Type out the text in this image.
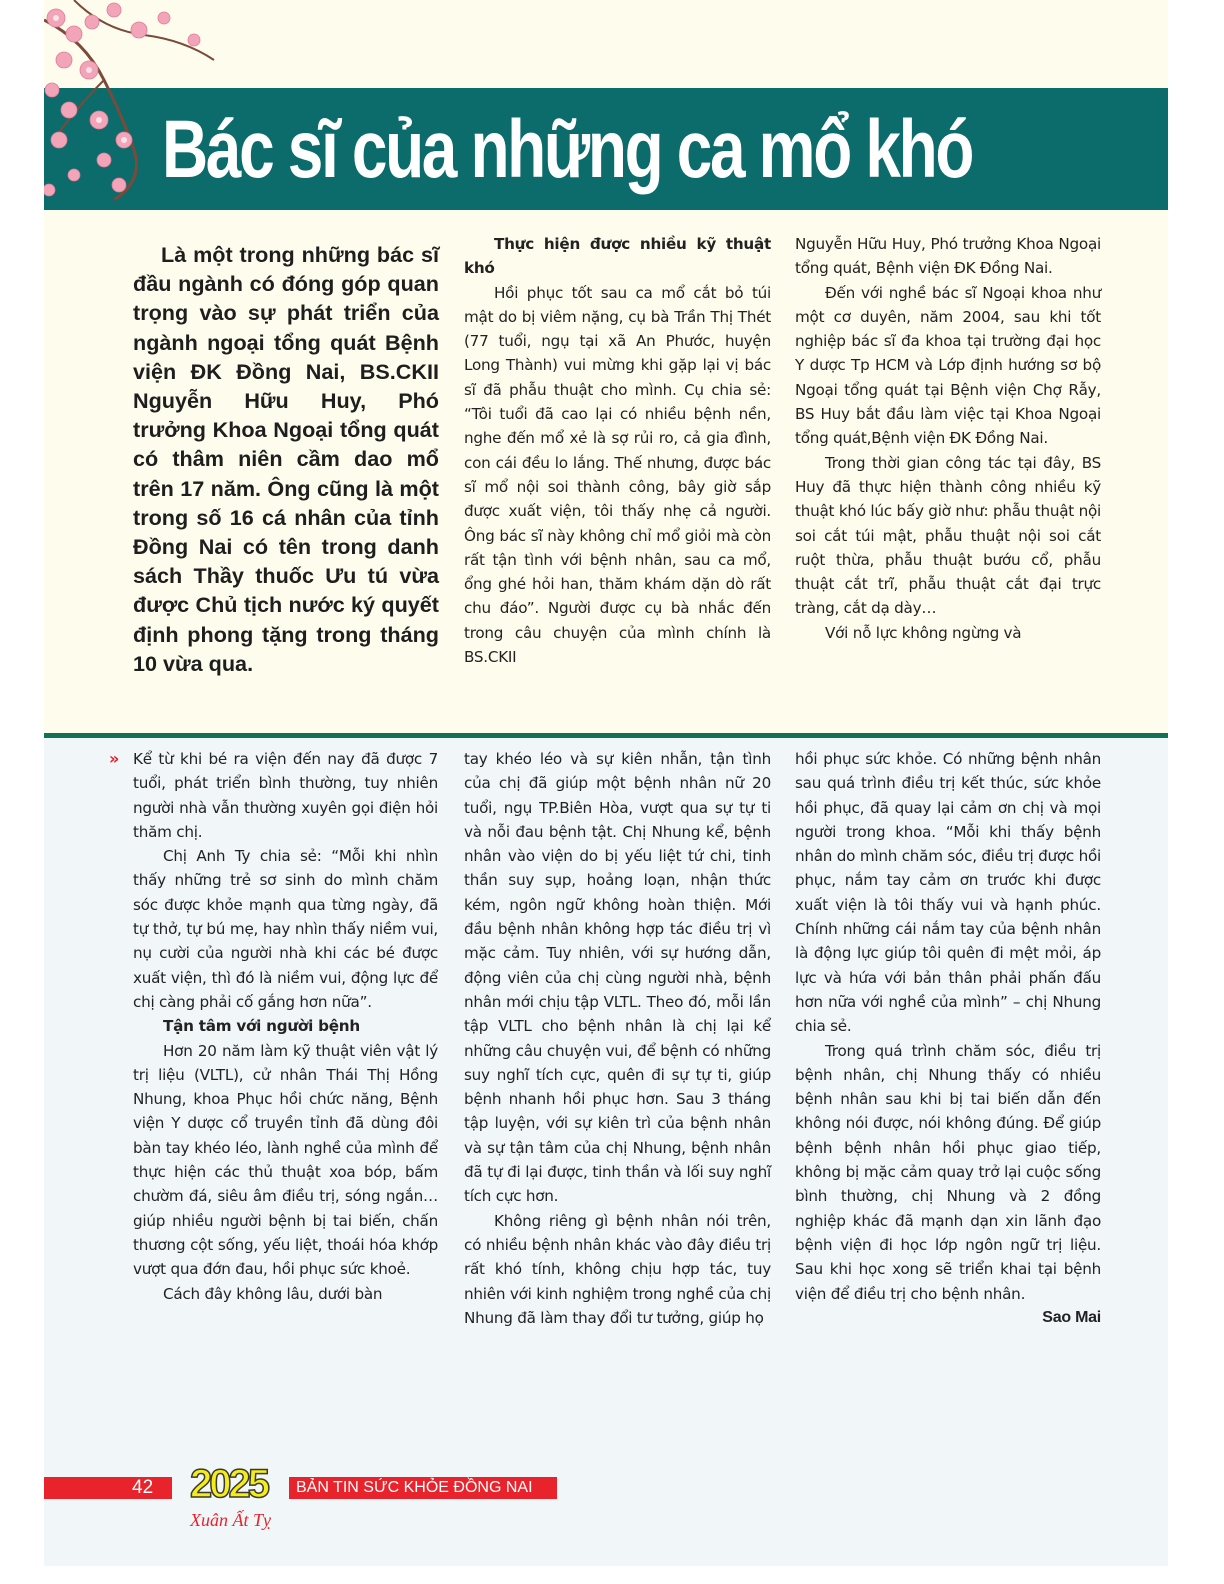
Bác sĩ của những ca mổ khó

Là một trong những bác sĩ đầu ngành có đóng góp quan trọng vào sự phát triển của ngành ngoại tổng quát Bệnh viện ĐK Đồng Nai, BS.CKII Nguyễn Hữu Huy, Phó trưởng Khoa Ngoại tổng quát có thâm niên cầm dao mổ trên 17 năm. Ông cũng là một trong số 16 cá nhân của tỉnh Đồng Nai có tên trong danh sách Thầy thuốc Ưu tú vừa được Chủ tịch nước ký quyết định phong tặng trong tháng 10 vừa qua.

Thực hiện được nhiều kỹ thuật khó

Hồi phục tốt sau ca mổ cắt bỏ túi mật do bị viêm nặng, cụ bà Trần Thị Thét (77 tuổi, ngụ tại xã An Phước, huyện Long Thành) vui mừng khi gặp lại vị bác sĩ đã phẫu thuật cho mình. Cụ chia sẻ: “Tôi tuổi đã cao lại có nhiều bệnh nền, nghe đến mổ xẻ là sợ rủi ro, cả gia đình, con cái đều lo lắng. Thế nhưng, được bác sĩ mổ nội soi thành công, bây giờ sắp được xuất viện, tôi thấy nhẹ cả người. Ông bác sĩ này không chỉ mổ giỏi mà còn rất tận tình với bệnh nhân, sau ca mổ, ổng ghé hỏi han, thăm khám dặn dò rất chu đáo”. Người được cụ bà nhắc đến trong câu chuyện của mình chính là BS.CKII

Nguyễn Hữu Huy, Phó trưởng Khoa Ngoại tổng quát, Bệnh viện ĐK Đồng Nai.

Đến với nghề bác sĩ Ngoại khoa như một cơ duyên, năm 2004, sau khi tốt nghiệp bác sĩ đa khoa tại trường đại học Y dược Tp HCM và Lớp định hướng sơ bộ Ngoại tổng quát tại Bệnh viện Chợ Rẫy, BS Huy bắt đầu làm việc tại Khoa Ngoại tổng quát,Bệnh viện ĐK Đồng Nai.

Trong thời gian công tác tại đây, BS Huy đã thực hiện thành công nhiều kỹ thuật khó lúc bấy giờ như: phẫu thuật nội soi cắt túi mật, phẫu thuật nội soi cắt ruột thừa, phẫu thuật bướu cổ, phẫu thuật cắt trĩ, phẫu thuật cắt đại trực tràng, cắt dạ dày…

Với nỗ lực không ngừng và

» Kể từ khi bé ra viện đến nay đã được 7 tuổi, phát triển bình thường, tuy nhiên người nhà vẫn thường xuyên gọi điện hỏi thăm chị.

Chị Anh Ty chia sẻ: “Mỗi khi nhìn thấy những trẻ sơ sinh do mình chăm sóc được khỏe mạnh qua từng ngày, đã tự thở, tự bú mẹ, hay nhìn thấy niềm vui, nụ cười của người nhà khi các bé được xuất viện, thì đó là niềm vui, động lực để chị càng phải cố gắng hơn nữa”.

Tận tâm với người bệnh

Hơn 20 năm làm kỹ thuật viên vật lý trị liệu (VLTL), cử nhân Thái Thị Hồng Nhung, khoa Phục hồi chức năng, Bệnh viện Y dược cổ truyền tỉnh đã dùng đôi bàn tay khéo léo, lành nghề của mình để thực hiện các thủ thuật xoa bóp, bấm chườm đá, siêu âm điều trị, sóng ngắn… giúp nhiều người bệnh bị tai biến, chấn thương cột sống, yếu liệt, thoái hóa khớp vượt qua đớn đau, hồi phục sức khoẻ.

Cách đây không lâu, dưới bàn

tay khéo léo và sự kiên nhẫn, tận tình của chị đã giúp một bệnh nhân nữ 20 tuổi, ngụ TP.Biên Hòa, vượt qua sự tự ti và nỗi đau bệnh tật. Chị Nhung kể, bệnh nhân vào viện do bị yếu liệt tứ chi, tinh thần suy sụp, hoảng loạn, nhận thức kém, ngôn ngữ không hoàn thiện. Mới đầu bệnh nhân không hợp tác điều trị vì mặc cảm. Tuy nhiên, với sự hướng dẫn, động viên của chị cùng người nhà, bệnh nhân mới chịu tập VLTL. Theo đó, mỗi lần tập VLTL cho bệnh nhân là chị lại kể những câu chuyện vui, để bệnh có những suy nghĩ tích cực, quên đi sự tự ti, giúp bệnh nhanh hồi phục hơn. Sau 3 tháng tập luyện, với sự kiên trì của bệnh nhân và sự tận tâm của chị Nhung, bệnh nhân đã tự đi lại được, tinh thần và lối suy nghĩ tích cực hơn.

Không riêng gì bệnh nhân nói trên, có nhiều bệnh nhân khác vào đây điều trị rất khó tính, không chịu hợp tác, tuy nhiên với kinh nghiệm trong nghề của chị Nhung đã làm thay đổi tư tưởng, giúp họ

hồi phục sức khỏe. Có những bệnh nhân sau quá trình điều trị kết thúc, sức khỏe hồi phục, đã quay lại cảm ơn chị và mọi người trong khoa. “Mỗi khi thấy bệnh nhân do mình chăm sóc, điều trị được hồi phục, nắm tay cảm ơn trước khi được xuất viện là tôi thấy vui và hạnh phúc. Chính những cái nắm tay của bệnh nhân là động lực giúp tôi quên đi mệt mỏi, áp lực và hứa với bản thân phải phấn đấu hơn nữa với nghề của mình” – chị Nhung chia sẻ.

Trong quá trình chăm sóc, điều trị bệnh nhân, chị Nhung thấy có nhiều bệnh nhân sau khi bị tai biến dẫn đến không nói được, nói không đúng. Để giúp bệnh bệnh nhân hồi phục giao tiếp, không bị mặc cảm quay trở lại cuộc sống bình thường, chị Nhung và 2 đồng nghiệp khác đã mạnh dạn xin lãnh đạo bệnh viện đi học lớp ngôn ngữ trị liệu. Sau khi học xong sẽ triển khai tại bệnh viện để điều trị cho bệnh nhân.

Sao Mai

42 2025
Xuân Ất Tỵ
BẢN TIN SỨC KHỎE ĐỒNG NAI
